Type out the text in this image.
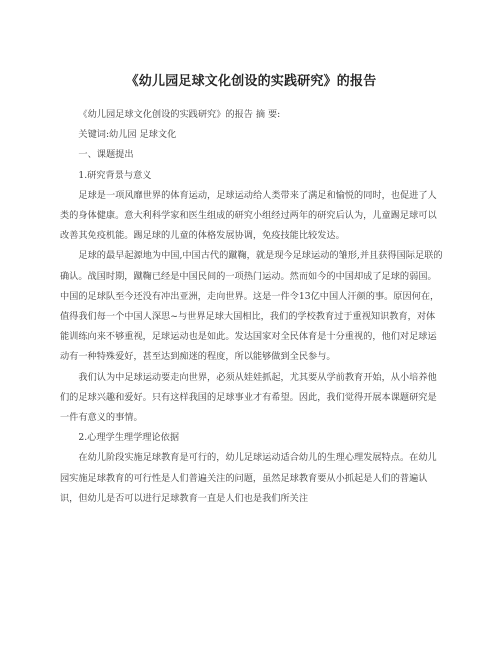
《幼儿园足球文化创设的实践研究》的报告

《幼儿园足球文化创设的实践研究》的报告 摘 要:

关键词:幼儿园 足球文化

一、课题提出

1.研究背景与意义

足球是一项风靡世界的体育运动，足球运动给人类带来了满足和愉悦的同时，也促进了人类的身体健康。意大利科学家和医生组成的研究小组经过两年的研究后认为，儿童踢足球可以改善其免疫机能。踢足球的儿童的体格发展协调，免疫技能比较发达。

足球的最早起源地为中国,中国古代的蹴鞠，就是现今足球运动的雏形,并且获得国际足联的确认。战国时期，蹴鞠已经是中国民间的一项热门运动。然而如今的中国却成了足球的弱国。中国的足球队至今还没有冲出亚洲，走向世界。这是一件令13亿中国人汗颜的事。原因何在，值得我们每一个中国人深思~与世界足球大国相比，我们的学校教育过于重视知识教育，对体能训练向来不够重视，足球运动也是如此。发达国家对全民体育是十分重视的，他们对足球运动有一种特殊爱好，甚至达到痴迷的程度，所以能够做到全民参与。

我们认为中足球运动要走向世界，必须从娃娃抓起，尤其要从学前教育开始，从小培养他们的足球兴趣和爱好。只有这样我国的足球事业才有希望。因此，我们觉得开展本课题研究是一件有意义的事情。

2.心理学生理学理论依据

在幼儿阶段实施足球教育是可行的，幼儿足球运动适合幼儿的生理心理发展特点。在幼儿园实施足球教育的可行性是人们普遍关注的问题，虽然足球教育要从小抓起是人们的普遍认识，但幼儿是否可以进行足球教育一直是人们也是我们所关注
